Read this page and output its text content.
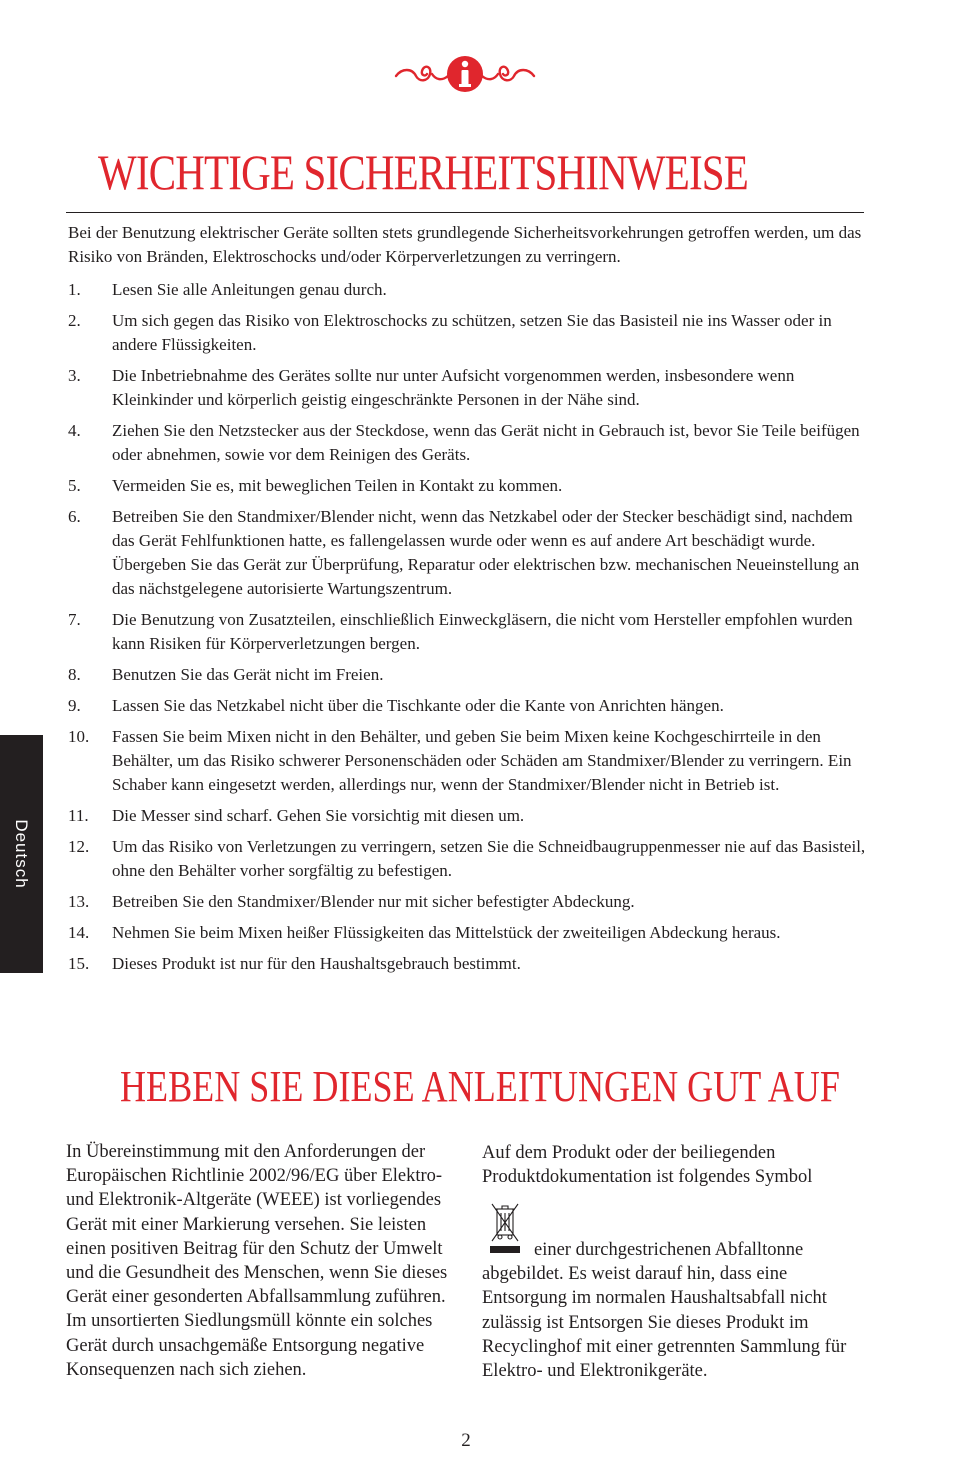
WICHTIGE SICHERHEITSHINWEISE

Bei der Benutzung elektrischer Geräte sollten stets grundlegende Sicherheitsvorkehrungen getroffen werden, um das Risiko von Bränden, Elektroschocks und/oder Körperverletzungen zu verringern.

1. Lesen Sie alle Anleitungen genau durch.
2. Um sich gegen das Risiko von Elektroschocks zu schützen, setzen Sie das Basisteil nie ins Wasser oder in andere Flüssigkeiten.
3. Die Inbetriebnahme des Gerätes sollte nur unter Aufsicht vorgenommen werden, insbesondere wenn Kleinkinder und körperlich geistig eingeschränkte Personen in der Nähe sind.
4. Ziehen Sie den Netzstecker aus der Steckdose, wenn das Gerät nicht in Gebrauch ist, bevor Sie Teile beifügen oder abnehmen, sowie vor dem Reinigen des Geräts.
5. Vermeiden Sie es, mit beweglichen Teilen in Kontakt zu kommen.
6. Betreiben Sie den Standmixer/Blender nicht, wenn das Netzkabel oder der Stecker beschädigt sind, nachdem das Gerät Fehlfunktionen hatte, es fallengelassen wurde oder wenn es auf andere Art beschädigt wurde. Übergeben Sie das Gerät zur Überprüfung, Reparatur oder elektrischen bzw. mechanischen Neueinstellung an das nächstgelegene autorisierte Wartungszentrum.
7. Die Benutzung von Zusatzteilen, einschließlich Einweckgläsern, die nicht vom Hersteller empfohlen wurden kann Risiken für Körperverletzungen bergen.
8. Benutzen Sie das Gerät nicht im Freien.
9. Lassen Sie das Netzkabel nicht über die Tischkante oder die Kante von Anrichten hängen.
10. Fassen Sie beim Mixen nicht in den Behälter, und geben Sie beim Mixen keine Kochgeschirrteile in den Behälter, um das Risiko schwerer Personenschäden oder Schäden am Standmixer/Blender zu verringern. Ein Schaber kann eingesetzt werden, allerdings nur, wenn der Standmixer/Blender nicht in Betrieb ist.
11. Die Messer sind scharf. Gehen Sie vorsichtig mit diesen um.
12. Um das Risiko von Verletzungen zu verringern, setzen Sie die Schneidbaugruppenmesser nie auf das Basisteil, ohne den Behälter vorher sorgfältig zu befestigen.
13. Betreiben Sie den Standmixer/Blender nur mit sicher befestigter Abdeckung.
14. Nehmen Sie beim Mixen heißer Flüssigkeiten das Mittelstück der zweiteiligen Abdeckung heraus.
15. Dieses Produkt ist nur für den Haushaltsgebrauch bestimmt.
HEBEN SIE DIESE ANLEITUNGEN GUT AUF

In Übereinstimmung mit den Anforderungen der Europäischen Richtlinie 2002/96/EG über Elektro- und Elektronik-Altgeräte (WEEE) ist vorliegendes Gerät mit einer Markierung versehen. Sie leisten einen positiven Beitrag für den Schutz der Umwelt und die Gesundheit des Menschen, wenn Sie dieses Gerät einer gesonderten Abfallsammlung zuführen. Im unsortierten Siedlungsmüll könnte ein solches Gerät durch unsachgemäße Entsorgung negative Konsequenzen nach sich ziehen.

Auf dem Produkt oder der beiliegenden Produktdokumentation ist folgendes Symbol

einer durchgestrichenen Abfalltonne abgebildet. Es weist darauf hin, dass eine Entsorgung im normalen Haushaltsabfall nicht zulässig ist Entsorgen Sie dieses Produkt im Recyclinghof mit einer getrennten Sammlung für Elektro- und Elektronikgeräte.

Deutsch
2
